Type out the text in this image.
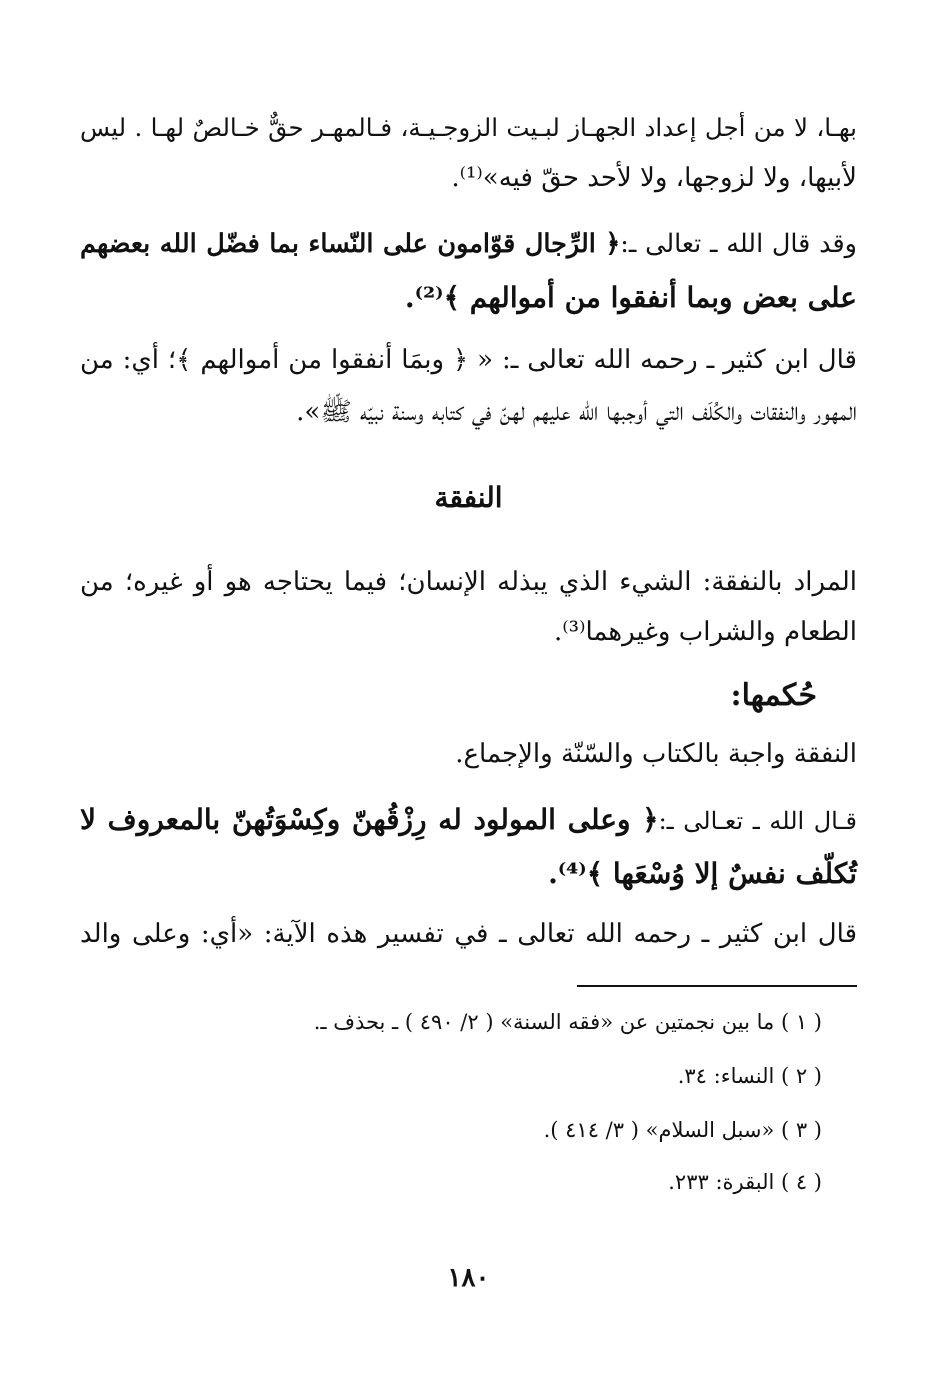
بهـا، لا من أجل إعداد الجهـاز لبـيت الزوجـيـة، فـالمهـر حقٌّ خـالصٌ لهـا . ليس
لأبيها، ولا لزوجها، ولا لأحد حقّ فيه»⁽¹⁾.
وقد قال الله ـ تعالى ـ:﴿ الرِّجال قوّامون على النّساء بما فضّل الله بعضهم
على بعض وبما أنفقوا من أموالهم ﴾⁽²⁾.
قال ابن كثير ـ رحمه الله تعالى ـ: « ﴿ وبمَا أنفقوا من أموالهم ﴾؛ أي: من
المهور والنفقات والكُلَف التي أوجبها الله عليهم لهنّ في كتابه وسنة نبيّه ﷺ».
النفقة
المراد بالنفقة: الشيء الذي يبذله الإنسان؛ فيما يحتاجه هو أو غيره؛ من
الطعام والشراب وغيرهما⁽³⁾.
حُكمها:
النفقة واجبة بالكتاب والسّنّة والإجماع.
قـال الله ـ تعـالى ـ:﴿ وعلى المولود له رِزْقُهنّ وكِسْوَتُهنّ بالمعروف لا
تُكلّف نفسٌ إلا وُسْعَها ﴾⁽⁴⁾.
قال ابن كثير ـ رحمه الله تعالى ـ في تفسير هذه الآية: «أي: وعلى والد
( ١ ) ما بين نجمتين عن «فقه السنة» ( ٢/ ٤٩٠ ) ـ بحذف ـ.
( ٢ ) النساء: ٣٤.
( ٣ ) «سبل السلام» ( ٣/ ٤١٤ ).
( ٤ ) البقرة: ٢٣٣.
١٨٠
